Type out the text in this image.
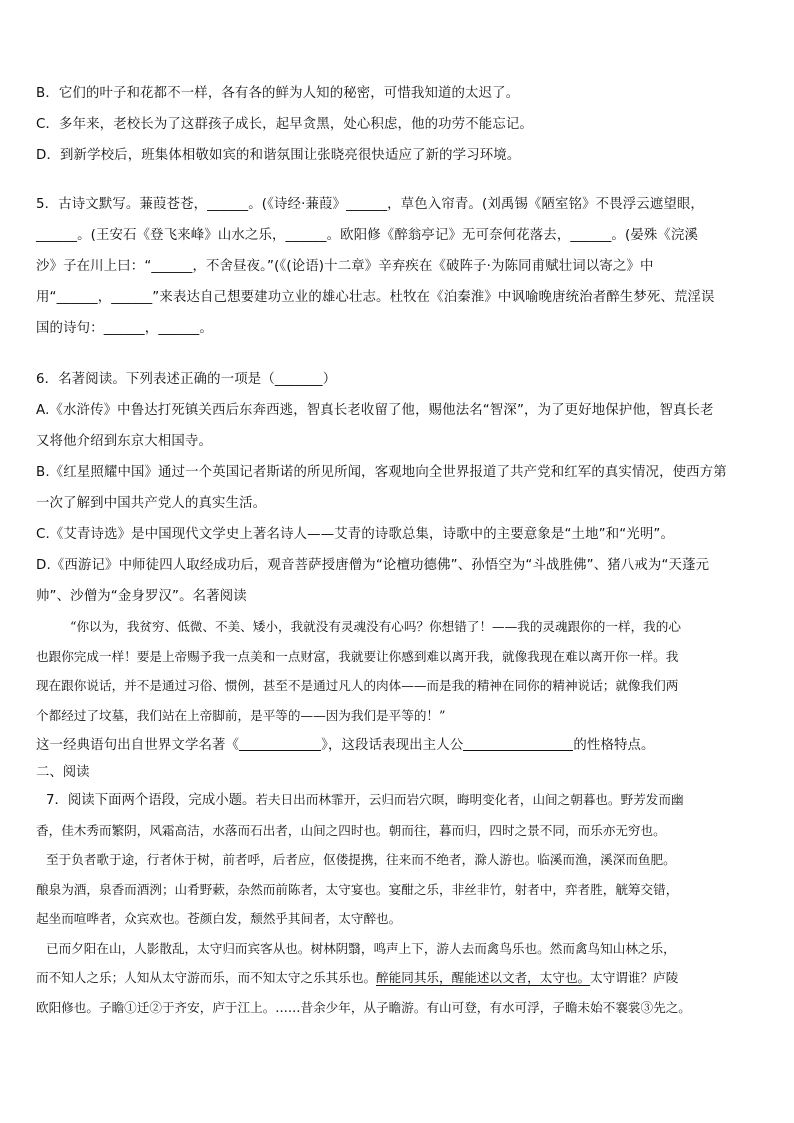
B．它们的叶子和花都不一样，各有各的鲜为人知的秘密，可惜我知道的太迟了。
C．多年来，老校长为了这群孩子成长，起早贪黑，处心积虑，他的功劳不能忘记。
D．到新学校后，班集体相敬如宾的和谐氛围让张晓亮很快适应了新的学习环境。
5．古诗文默写。蒹葭苍苍，______。(《诗经·蒹葭》______，草色入帘青。(刘禹锡《陋室铭》不畏浮云遮望眼，
______。(王安石《登飞来峰》山水之乐，______。欧阳修《醉翁亭记》无可奈何花落去，______。(晏殊《浣溪
沙》子在川上曰：“______，不舍昼夜。”(《(论语)十二章》辛弃疾在《破阵子·为陈同甫赋壮词以寄之》中
用“______，______”来表达自己想要建功立业的雄心壮志。杜牧在《泊秦淮》中讽喻晚唐统治者醉生梦死、荒淫误
国的诗句：______，______。
6．名著阅读。下列表述正确的一项是（_______）
A.《水浒传》中鲁达打死镇关西后东奔西逃，智真长老收留了他，赐他法名“智深”，为了更好地保护他，智真长老
又将他介绍到东京大相国寺。
B.《红星照耀中国》通过一个英国记者斯诺的所见所闻，客观地向全世界报道了共产党和红军的真实情况，使西方第
一次了解到中国共产党人的真实生活。
C.《艾青诗选》是中国现代文学史上著名诗人——艾青的诗歌总集，诗歌中的主要意象是“土地”和“光明”。
D.《西游记》中师徒四人取经成功后，观音菩萨授唐僧为“论檀功德佛”、孙悟空为“斗战胜佛”、猪八戒为“天蓬元
帅”、沙僧为“金身罗汉”。名著阅读
“你以为，我贫穷、低微、不美、矮小，我就没有灵魂没有心吗？你想错了！——我的灵魂跟你的一样，我的心
也跟你完成一样！要是上帝赐予我一点美和一点财富，我就要让你感到难以离开我，就像我现在难以离开你一样。我
现在跟你说话，并不是通过习俗、惯例，甚至不是通过凡人的肉体——而是我的精神在同你的精神说话；就像我们两
个都经过了坟墓，我们站在上帝脚前，是平等的——因为我们是平等的！”
这一经典语句出自世界文学名著《	》，这段话表现出主人公	的性格特点。
二、阅读
7．阅读下面两个语段，完成小题。若夫日出而林霏开，云归而岩穴暝，晦明变化者，山间之朝暮也。野芳发而幽
香，佳木秀而繁阴，风霜高洁，水落而石出者，山间之四时也。朝而往，暮而归，四时之景不同，而乐亦无穷也。
至于负者歌于途，行者休于树，前者呼，后者应，伛偻提携，往来而不绝者，滁人游也。临溪而渔，溪深而鱼肥。
酿泉为酒，泉香而酒洌；山肴野蔌，杂然而前陈者，太守宴也。宴酣之乐，非丝非竹，射者中，弈者胜，觥筹交错，
起坐而喧哗者，众宾欢也。苍颜白发，颓然乎其间者，太守醉也。
已而夕阳在山，人影散乱，太守归而宾客从也。树林阴翳，鸣声上下，游人去而禽鸟乐也。然而禽鸟知山林之乐，
而不知人之乐；人知从太守游而乐，而不知太守之乐其乐也。醉能同其乐，醒能述以文者，太守也。太守谓谁？庐陵
欧阳修也。子瞻①迁②于齐安，庐于江上。……昔余少年，从子瞻游。有山可登，有水可浮，子瞻未始不褰裳③先之。
